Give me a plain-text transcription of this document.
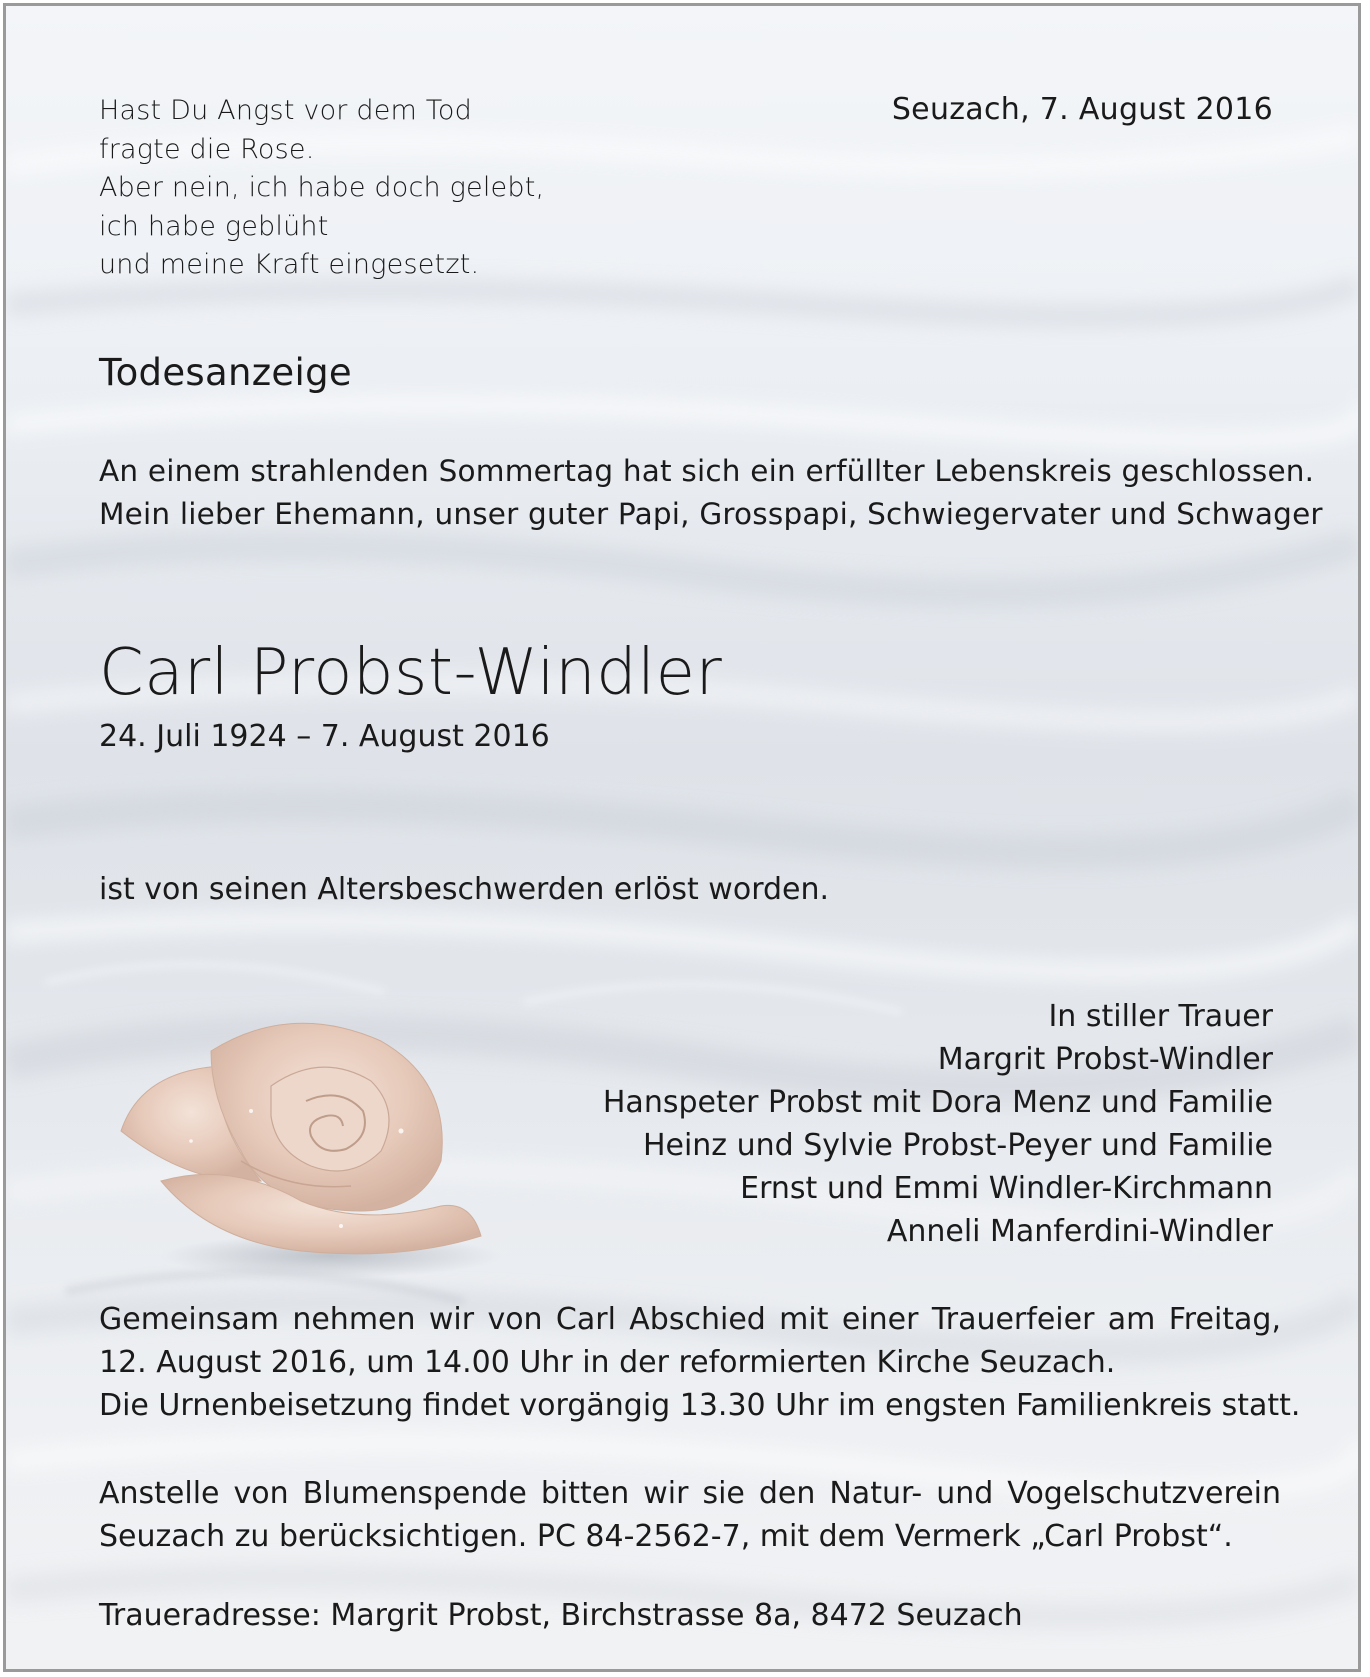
Hast Du Angst vor dem Tod
fragte die Rose.
Aber nein, ich habe doch gelebt,
ich habe geblüht
und meine Kraft eingesetzt.
Seuzach, 7. August 2016
Todesanzeige
An einem strahlenden Sommertag hat sich ein erfüllter Lebenskreis geschlossen.
Mein lieber Ehemann, unser guter Papi, Grosspapi, Schwiegervater und Schwager
Carl Probst-Windler
24. Juli 1924 – 7. August 2016
ist von seinen Altersbeschwerden erlöst worden.
In stiller Trauer
Margrit Probst-Windler
Hanspeter Probst mit Dora Menz und Familie
Heinz und Sylvie Probst-Peyer und Familie
Ernst und Emmi Windler-Kirchmann
Anneli Manferdini-Windler
Gemeinsam nehmen wir von Carl Abschied mit einer Trauerfeier am Freitag,
12. August 2016, um 14.00 Uhr in der reformierten Kirche Seuzach.
Die Urnenbeisetzung findet vorgängig 13.30 Uhr im engsten Familienkreis statt.
Anstelle von Blumenspende bitten wir sie den Natur- und Vogelschutzverein
Seuzach zu berücksichtigen. PC 84-2562-7, mit dem Vermerk „Carl Probst“.
Traueradresse: Margrit Probst, Birchstrasse 8a, 8472 Seuzach
